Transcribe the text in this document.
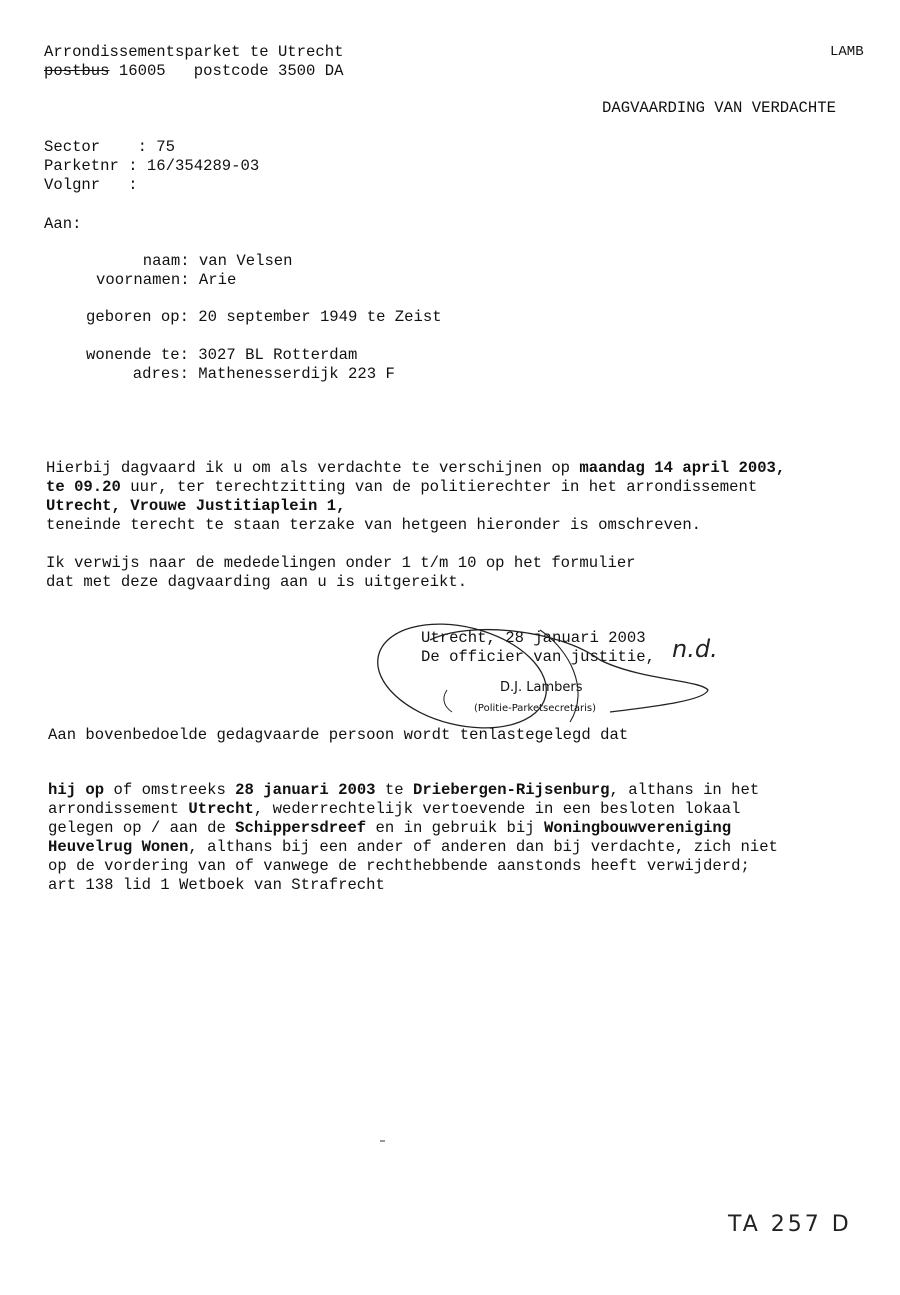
Arrondissementsparket te Utrecht
postbus 16005 postcode 3500 DA
LAMB
DAGVAARDING VAN VERDACHTE
Sector    : 75
Parketnr : 16/354289-03
Volgnr   :
Aan:
naam: van Velsen
voornamen: Arie
geboren op: 20 september 1949 te Zeist
wonende te: 3027 BL Rotterdam
adres: Mathenesserdijk 223 F
Hierbij dagvaard ik u om als verdachte te verschijnen op maandag 14 april 2003,
te 09.20 uur, ter terechtzitting van de politierechter in het arrondissement
Utrecht, Vrouwe Justitiaplein 1,
teneinde terecht te staan terzake van hetgeen hieronder is omschreven.
Ik verwijs naar de mededelingen onder 1 t/m 10 op het formulier
dat met deze dagvaarding aan u is uitgereikt.
Utrecht, 28 januari 2003
De officier van justitie, n.d.
D.J. Lambers
(Politie-Parketsecretaris)
Aan bovenbedoelde gedagvaarde persoon wordt tenlastegelegd dat
hij op of omstreeks 28 januari 2003 te Driebergen-Rijsenburg, althans in het
arrondissement Utrecht, wederrechtelijk vertoevende in een besloten lokaal
gelegen op / aan de Schippersdreef en in gebruik bij Woningbouwvereniging
Heuvelrug Wonen, althans bij een ander of anderen dan bij verdachte, zich niet
op de vordering van of vanwege de rechthebbende aanstonds heeft verwijderd;
art 138 lid 1 Wetboek van Strafrecht
TA 257 D
